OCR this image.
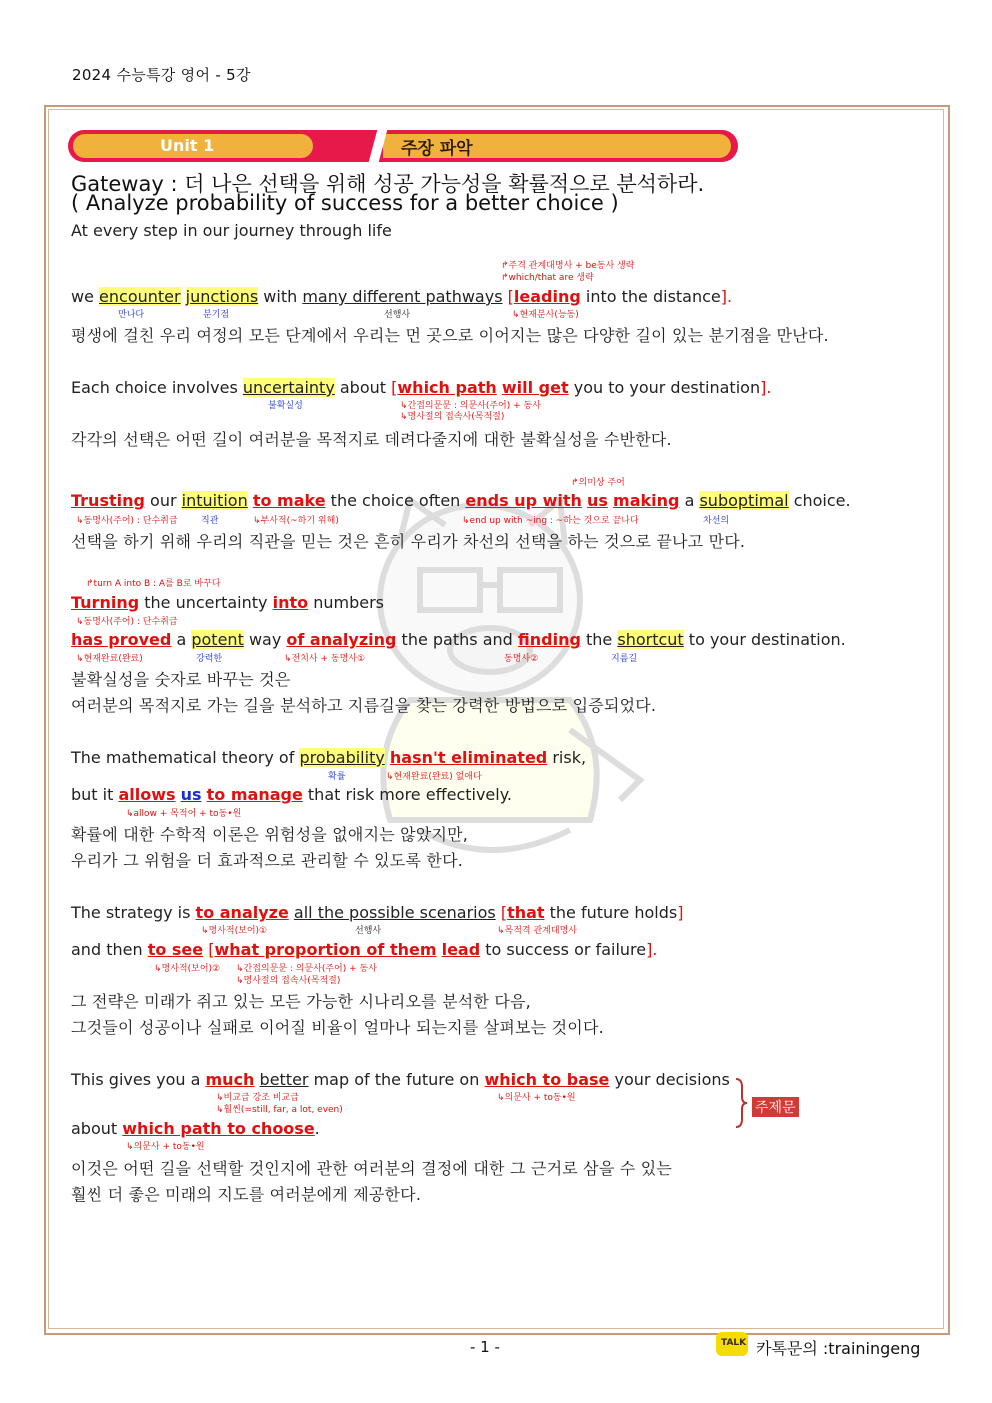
2024 수능특강 영어 - 5강
Unit 1	주장 파악
Gateway : 더 나은 선택을 위해 성공 가능성을 확률적으로 분석하라.
( Analyze probability of success for a better choice )
At every step in our journey through life
↱주격 관계대명사 + be동사 생략
↱which/that are 생략
we encounter junctions with many different pathways [leading into the distance].
만나다	분기점	선행사	↳현재분사(능동)
평생에 걸친 우리 여정의 모든 단계에서 우리는 먼 곳으로 이어지는 많은 다양한 길이 있는 분기점을 만난다.
Each choice involves uncertainty about [which path will get you to your destination].
불확실성	↳간접의문문 : 의문사(주어) + 동사
↳명사절의 접속사(목적절)
각각의 선택은 어떤 길이 여러분을 목적지로 데려다줄지에 대한 불확실성을 수반한다.
↱의미상 주어
Trusting our intuition to make the choice often ends up with us making a suboptimal choice.
↳동명사(주어) : 단수취급	직관	↳부사적(~하기 위해)	↳end up with ~ing : ~하는 것으로 끝나다	차선의
선택을 하기 위해 우리의 직관을 믿는 것은 흔히 우리가 차선의 선택을 하는 것으로 끝나고 만다.
↱turn A into B : A를 B로 바꾸다
Turning the uncertainty into numbers
↳동명사(주어) : 단수취급
has proved a potent way of analyzing the paths and finding the shortcut to your destination.
↳현재완료(완료)	강력한	↳전치사 + 동명사①	동명사②	지름길
불확실성을 숫자로 바꾸는 것은
여러분의 목적지로 가는 길을 분석하고 지름길을 찾는 강력한 방법으로 입증되었다.
The mathematical theory of probability hasn't eliminated risk,
확률	↳현재완료(완료) 없애다
but it allows us to manage that risk more effectively.
↳allow + 목적어 + to동•원
확률에 대한 수학적 이론은 위험성을 없애지는 않았지만,
우리가 그 위험을 더 효과적으로 관리할 수 있도록 한다.
The strategy is to analyze all the possible scenarios [that the future holds]
↳명사적(보어)①	선행사	↳목적격 관계대명사
and then to see [what proportion of them lead to success or failure].
↳명사적(보어)② ↳간접의문문 : 의문사(주어) + 동사
↳명사절의 접속사(목적절)
그 전략은 미래가 쥐고 있는 모든 가능한 시나리오를 분석한 다음,
그것들이 성공이나 실패로 이어질 비율이 얼마나 되는지를 살펴보는 것이다.
This gives you a much better map of the future on which to base your decisions
↳비교급 강조 비교급
↳훨씬(=still, far, a lot, even)
↳의문사 + to동•원
about which path to choose.
↳의문사 + to동•원
주제문
이것은 어떤 길을 선택할 것인지에 관한 여러분의 결정에 대한 그 근거로 삼을 수 있는
훨씬 더 좋은 미래의 지도를 여러분에게 제공한다.
- 1 -	TALK 카톡문의 :trainingeng
